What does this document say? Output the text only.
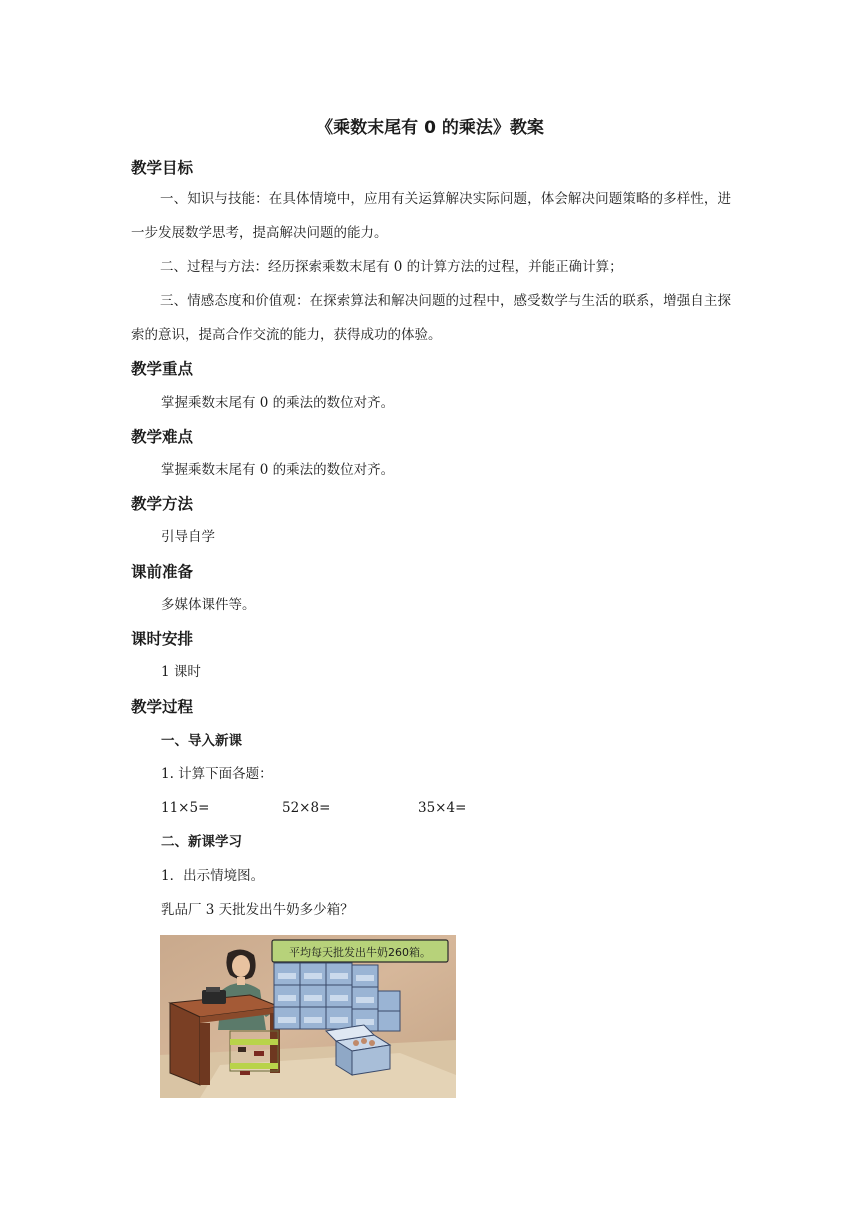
《乘数末尾有 0 的乘法》教案
教学目标
一、知识与技能：在具体情境中，应用有关运算解决实际问题，体会解决问题策略的多样性，进一步发展数学思考，提高解决问题的能力。
二、过程与方法：经历探索乘数末尾有 0 的计算方法的过程，并能正确计算；
三、情感态度和价值观：在探索算法和解决问题的过程中，感受数学与生活的联系，增强自主探索的意识，提高合作交流的能力，获得成功的体验。
教学重点
掌握乘数末尾有 0 的乘法的数位对齐。
教学难点
掌握乘数末尾有 0 的乘法的数位对齐。
教学方法
引导自学
课前准备
多媒体课件等。
课时安排
1 课时
教学过程
一、导入新课
1. 计算下面各题：
11×5=	52×8=	35×4=
二、新课学习
1．出示情境图。
乳品厂 3 天批发出牛奶多少箱？
平均每天批发出牛奶260箱。
